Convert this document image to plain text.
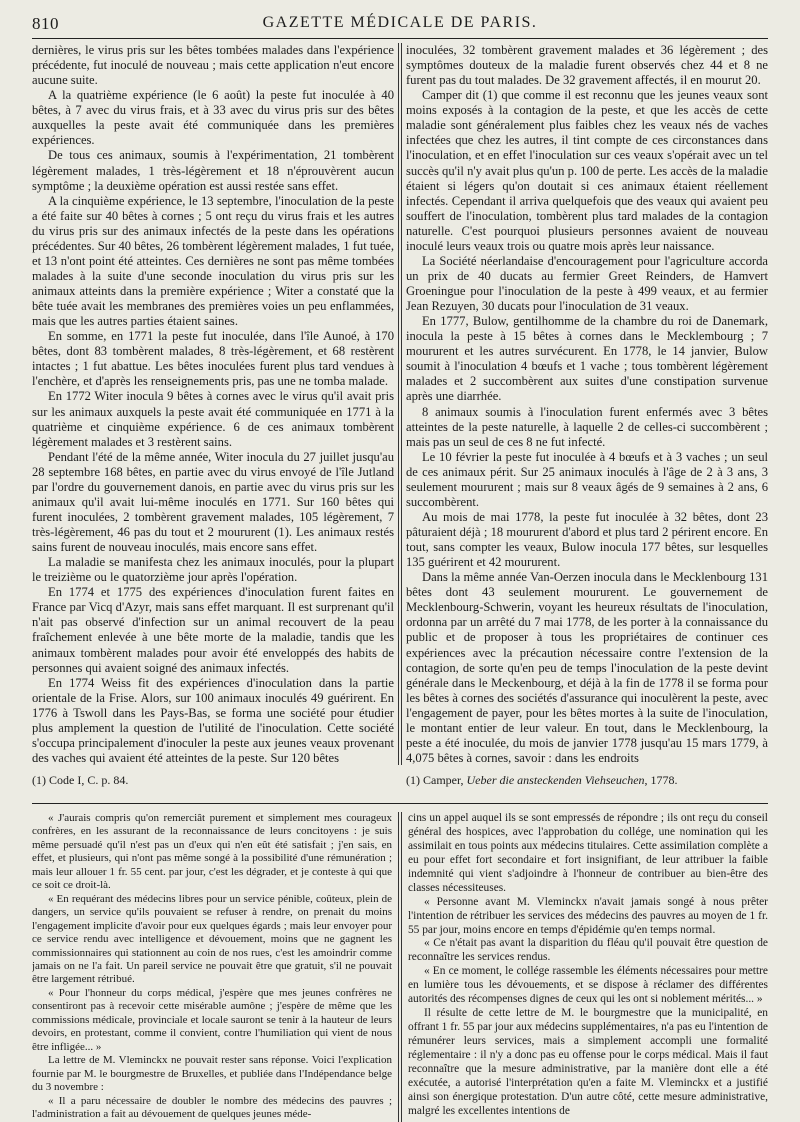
810	GAZETTE MÉDICALE DE PARIS.

dernières, le virus pris sur les bêtes tombées malades dans l'expérience précédente, fut inoculé de nouveau ; mais cette application n'eut encore aucune suite.

A la quatrième expérience (le 6 août) la peste fut inoculée à 40 bêtes, à 7 avec du virus frais, et à 33 avec du virus pris sur des bêtes auxquelles la peste avait été communiquée dans les premières expériences.

De tous ces animaux, soumis à l'expérimentation, 21 tombèrent légèrement malades, 1 très-légèrement et 18 n'éprouvèrent aucun symptôme ; la deuxième opération est aussi restée sans effet.

A la cinquième expérience, le 13 septembre, l'inoculation de la peste a été faite sur 40 bêtes à cornes ; 5 ont reçu du virus frais et les autres du virus pris sur des animaux infectés de la peste dans les opérations précédentes. Sur 40 bêtes, 26 tombèrent légèrement malades, 1 fut tuée, et 13 n'ont point été atteintes. Ces dernières ne sont pas même tombées malades à la suite d'une seconde inoculation du virus pris sur les animaux atteints dans la première expérience ; Witer a constaté que la bête tuée avait les membranes des premières voies un peu enflammées, mais que les autres parties étaient saines.

En somme, en 1771 la peste fut inoculée, dans l'île Aunoé, à 170 bêtes, dont 83 tombèrent malades, 8 très-légèrement, et 68 restèrent intactes ; 1 fut abattue. Les bêtes inoculées furent plus tard vendues à l'enchère, et d'après les renseignements pris, pas une ne tomba malade.

En 1772 Witer inocula 9 bêtes à cornes avec le virus qu'il avait pris sur les animaux auxquels la peste avait été communiquée en 1771 à la quatrième et cinquième expérience. 6 de ces animaux tombèrent légèrement malades et 3 restèrent sains.

Pendant l'été de la même année, Witer inocula du 27 juillet jusqu'au 28 septembre 168 bêtes, en partie avec du virus envoyé de l'île Jutland par l'ordre du gouvernement danois, en partie avec du virus pris sur les animaux qu'il avait lui-même inoculés en 1771. Sur 160 bêtes qui furent inoculées, 2 tombèrent gravement malades, 105 légèrement, 7 très-légèrement, 46 pas du tout et 2 moururent (1). Les animaux restés sains furent de nouveau inoculés, mais encore sans effet.

La maladie se manifesta chez les animaux inoculés, pour la plupart le treizième ou le quatorzième jour après l'opération.

En 1774 et 1775 des expériences d'inoculation furent faites en France par Vicq d'Azyr, mais sans effet marquant. Il est surprenant qu'il n'ait pas observé d'infection sur un animal recouvert de la peau fraîchement enlevée à une bête morte de la maladie, tandis que les animaux tombèrent malades pour avoir été enveloppés des habits de personnes qui avaient soigné des animaux infectés.

En 1774 Weiss fit des expériences d'inoculation dans la partie orientale de la Frise. Alors, sur 100 animaux inoculés 49 guérirent. En 1776 à Tswoll dans les Pays-Bas, se forma une société pour étudier plus amplement la question de l'utilité de l'inoculation. Cette société s'occupa principalement d'inoculer la peste aux jeunes veaux provenant des vaches qui avaient été atteintes de la peste. Sur 120 bêtes

inoculées, 32 tombèrent gravement malades et 36 légèrement ; des symptômes douteux de la maladie furent observés chez 44 et 8 ne furent pas du tout malades. De 32 gravement affectés, il en mourut 20.

Camper dit (1) que comme il est reconnu que les jeunes veaux sont moins exposés à la contagion de la peste, et que les accès de cette maladie sont généralement plus faibles chez les veaux nés de vaches infectées que chez les autres, il tint compte de ces circonstances dans l'inoculation, et en effet l'inoculation sur ces veaux s'opérait avec un tel succès qu'il n'y avait plus qu'un p. 100 de perte. Les accès de la maladie étaient si légers qu'on doutait si ces animaux étaient réellement infectés. Cependant il arriva quelquefois que des veaux qui avaient peu souffert de l'inoculation, tombèrent plus tard malades de la contagion naturelle. C'est pourquoi plusieurs personnes avaient de nouveau inoculé leurs veaux trois ou quatre mois après leur naissance.

La Société néerlandaise d'encouragement pour l'agriculture accorda un prix de 40 ducats au fermier Greet Reinders, de Hamvert Groeningue pour l'inoculation de la peste à 499 veaux, et au fermier Jean Rezuyen, 30 ducats pour l'inoculation de 31 veaux.

En 1777, Bulow, gentilhomme de la chambre du roi de Danemark, inocula la peste à 15 bêtes à cornes dans le Mecklembourg ; 7 moururent et les autres survécurent. En 1778, le 14 janvier, Bulow soumit à l'inoculation 4 bœufs et 1 vache ; tous tombèrent légèrement malades et 2 succombèrent aux suites d'une constipation survenue après une diarrhée.

8 animaux soumis à l'inoculation furent enfermés avec 3 bêtes atteintes de la peste naturelle, à laquelle 2 de celles-ci succombèrent ; mais pas un seul de ces 8 ne fut infecté.

Le 10 février la peste fut inoculée à 4 bœufs et à 3 vaches ; un seul de ces animaux périt. Sur 25 animaux inoculés à l'âge de 2 à 3 ans, 3 seulement moururent ; mais sur 8 veaux âgés de 9 semaines à 2 ans, 6 succombèrent.

Au mois de mai 1778, la peste fut inoculée à 32 bêtes, dont 23 pâturaient déjà ; 18 moururent d'abord et plus tard 2 périrent encore. En tout, sans compter les veaux, Bulow inocula 177 bêtes, sur lesquelles 135 guérirent et 42 moururent.

Dans la même année Van-Oerzen inocula dans le Mecklenbourg 131 bêtes dont 43 seulement moururent. Le gouvernement de Mecklenbourg-Schwerin, voyant les heureux résultats de l'inoculation, ordonna par un arrêté du 7 mai 1778, de les porter à la connaissance du public et de proposer à tous les propriétaires de continuer ces expériences avec la précaution nécessaire contre l'extension de la contagion, de sorte qu'en peu de temps l'inoculation de la peste devint générale dans le Meckenbourg, et déjà à la fin de 1778 il se forma pour les bêtes à cornes des sociétés d'assurance qui inoculèrent la peste, avec l'engagement de payer, pour les bêtes mortes à la suite de l'inoculation, le montant entier de leur valeur. En tout, dans le Mecklenbourg, la peste a été inoculée, du mois de janvier 1778 jusqu'au 15 mars 1779, à 4,075 bêtes à cornes, savoir : dans les endroits

(1) Code I, C. p. 84.	(1) Camper, Ueber die ansteckenden Viehseuchen, 1778.

« J'aurais compris qu'on remerciât purement et simplement mes courageux confrères, en les assurant de la reconnaissance de leurs concitoyens : je suis même persuadé qu'il n'est pas un d'eux qui n'en eût été satisfait ; j'en sais, en effet, et plusieurs, qui n'ont pas même songé à la possibilité d'une rémunération ; mais leur allouer 1 fr. 55 cent. par jour, c'est les dégrader, et je conteste à qui que ce soit ce droit-là.

« En requérant des médecins libres pour un service pénible, coûteux, plein de dangers, un service qu'ils pouvaient se refuser à rendre, on prenait du moins l'engagement implicite d'avoir pour eux quelques égards ; mais leur envoyer pour ce service rendu avec intelligence et dévouement, moins que ne gagnent les commissionnaires qui stationnent au coin de nos rues, c'est les amoindrir comme jamais on ne l'a fait. Un pareil service ne pouvait être que gratuit, s'il ne pouvait être largement rétribué.

« Pour l'honneur du corps médical, j'espère que mes jeunes confrères ne consentiront pas à recevoir cette misérable aumône ; j'espère de même que les commissions médicale, provinciale et locale sauront se tenir à la hauteur de leurs devoirs, en protestant, comme il convient, contre l'humiliation qui vient de nous être infligée... »

La lettre de M. Vleminckx ne pouvait rester sans réponse. Voici l'explication fournie par M. le bourgmestre de Bruxelles, et publiée dans l'Indépendance belge du 3 novembre :

« Il a paru nécessaire de doubler le nombre des médecins des pauvres ; l'administration a fait au dévouement de quelques jeunes méde-

cins un appel auquel ils se sont empressés de répondre ; ils ont reçu du conseil général des hospices, avec l'approbation du collége, une nomination qui les assimilait en tous points aux médecins titulaires. Cette assimilation complète a eu pour effet fort secondaire et fort insignifiant, de leur attribuer la faible indemnité qui vient s'adjoindre à l'honneur de contribuer au bien-être des classes nécessiteuses.

« Personne avant M. Vleminckx n'avait jamais songé à nous prêter l'intention de rétribuer les services des médecins des pauvres au moyen de 1 fr. 55 par jour, moins encore en temps d'épidémie qu'en temps normal.

« Ce n'était pas avant la disparition du fléau qu'il pouvait être question de reconnaître les services rendus.

« En ce moment, le collége rassemble les éléments nécessaires pour mettre en lumière tous les dévouements, et se dispose à réclamer des différentes autorités des récompenses dignes de ceux qui les ont si noblement mérités... »

Il résulte de cette lettre de M. le bourgmestre que la municipalité, en offrant 1 fr. 55 par jour aux médecins supplémentaires, n'a pas eu l'intention de rémunérer leurs services, mais a simplement accompli une formalité réglementaire : il n'y a donc pas eu offense pour le corps médical. Mais il faut reconnaître que la mesure administrative, par la manière dont elle a été exécutée, a autorisé l'interprétation qu'en a faite M. Vleminckx et a justifié ainsi son énergique protestation. D'un autre côté, cette mesure administrative, malgré les excellentes intentions de
